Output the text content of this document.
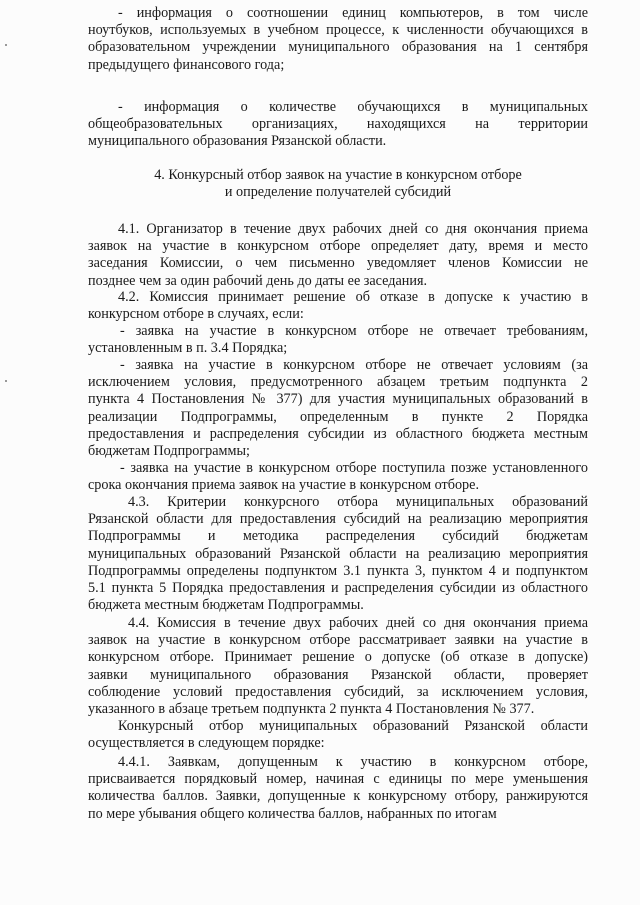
- информация о соотношении единиц компьютеров, в том числе

ноутбуков, используемых в учебном процессе, к численности обучающихся в

образовательном учреждении муниципального образования на 1 сентября

предыдущего финансового года;

- информация о количестве обучающихся в муниципальных

общеобразовательных организациях, находящихся на территории

муниципального образования Рязанской области.

4. Конкурсный отбор заявок на участие в конкурсном отборе

и определение получателей субсидий

4.1. Организатор в течение двух рабочих дней со дня окончания приема

заявок на участие в конкурсном отборе определяет дату, время и место

заседания Комиссии, о чем письменно уведомляет членов Комиссии не

позднее чем за один рабочий день до даты ее заседания.

4.2. Комиссия принимает решение об отказе в допуске к участию в

конкурсном отборе в случаях, если:

- заявка на участие в конкурсном отборе не отвечает требованиям,

установленным в п. 3.4 Порядка;

- заявка на участие в конкурсном отборе не отвечает условиям (за

исключением условия, предусмотренного абзацем третьим подпункта 2

пункта 4 Постановления № 377) для участия муниципальных образований в

реализации Подпрограммы, определенным в пункте 2 Порядка

предоставления и распределения субсидии из областного бюджета местным

бюджетам Подпрограммы;

- заявка на участие в конкурсном отборе поступила позже установленного

срока окончания приема заявок на участие в конкурсном отборе.

4.3. Критерии конкурсного отбора муниципальных образований

Рязанской области для предоставления субсидий на реализацию мероприятия

Подпрограммы и методика распределения субсидий бюджетам

муниципальных образований Рязанской области на реализацию мероприятия

Подпрограммы определены подпунктом 3.1 пункта 3, пунктом 4 и подпунктом

5.1 пункта 5 Порядка предоставления и распределения субсидии из областного

бюджета местным бюджетам Подпрограммы.

4.4. Комиссия в течение двух рабочих дней со дня окончания приема

заявок на участие в конкурсном отборе рассматривает заявки на участие в

конкурсном отборе. Принимает решение о допуске (об отказе в допуске)

заявки муниципального образования Рязанской области, проверяет

соблюдение условий предоставления субсидий, за исключением условия,

указанного в абзаце третьем подпункта 2 пункта 4 Постановления № 377.

Конкурсный отбор муниципальных образований Рязанской области

осуществляется в следующем порядке:

4.4.1. Заявкам, допущенным к участию в конкурсном отборе,

присваивается порядковый номер, начиная с единицы по мере уменьшения

количества баллов. Заявки, допущенные к конкурсному отбору, ранжируются

по мере убывания общего количества баллов, набранных по итогам
